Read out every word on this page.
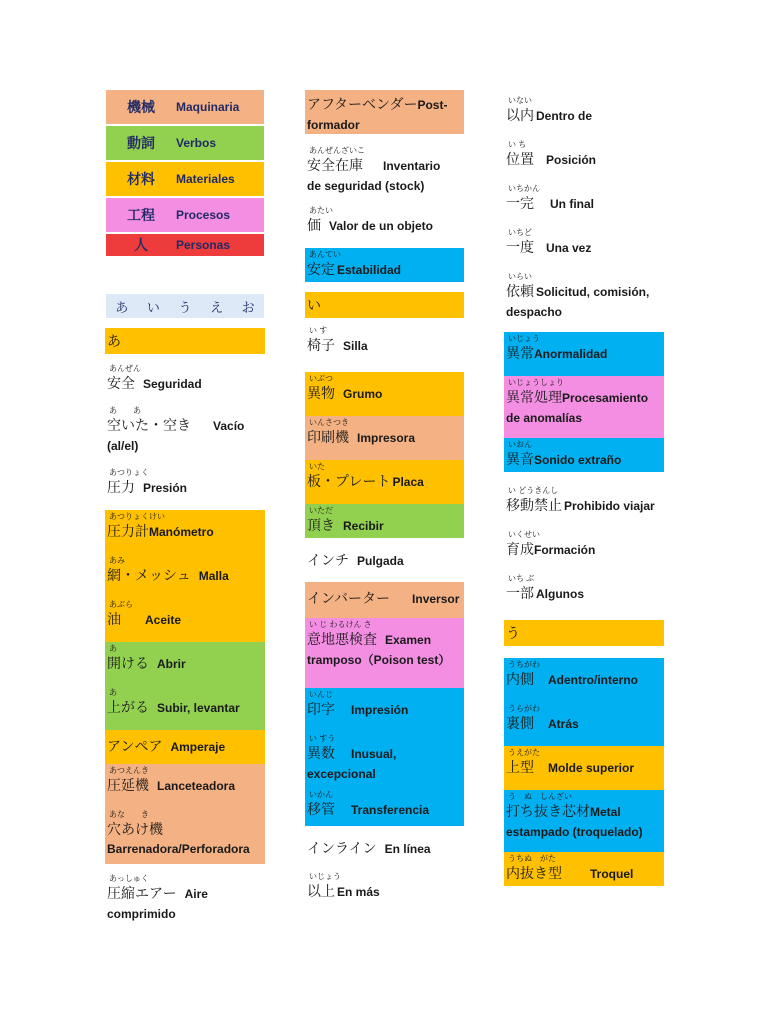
機械	Maquinaria
動詞	Verbos
材料	Materiales
工程	Procesos
人	Personas
あ い う え お
あ
あんぜん
安全 Seguridad
あ　　あ
空いた・空き Vacío
(al/el)
あつりょく
圧力 Presión
あつりょくけい
圧力計 Manómetro
あみ
網・メッシュ Malla
あぶら
油 Aceite
あ
開ける Abrir
あ
上がる Subir, levantar
アンペア Amperaje
あつえんき
圧延機 Lanceteadora
あな　　き
穴あけ機
Barrenadora/Perforadora
あっしゅく
圧縮エアー Aire
comprimido
アフターベンダー Post-
formador
あんぜんざいこ
安全在庫 Inventario
de seguridad (stock)
あたい
価 Valor de un objeto
あんてい
安定 Estabilidad
い
い す
椅子 Silla
いぶつ
異物 Grumo
いんさつき
印刷機 Impresora
いた
板・プレート Placa
いただ
頂き Recibir
インチ Pulgada
インバーター Inversor
い じ わるけん さ
意地悪検査 Examen
tramposo（Poison test）
いんじ
印字 Impresión
い すう
異数 Inusual,
excepcional
いかん
移管 Transferencia
インライン En línea
いじょう
以上 En más
いない
以内 Dentro de
い ち
位置 Posición
いちかん
一完 Un final
いちど
一度 Una vez
いらい
依頼 Solicitud, comisión,
despacho
いじょう
異常 Anormalidad
いじょうしょり
異常処理 Procesamiento
de anomalías
いおん
異音 Sonido extraño
い どうきんし
移動禁止 Prohibido viajar
いくせい
育成 Formación
いち ぶ
一部 Algunos
う
うちがわ
内側 Adentro/interno
うらがわ
裏側 Atrás
うえがた
上型 Molde superior
う　ぬ　しんざい
打ち抜き芯材 Metal
estampado (troquelado)
うちぬ　がた
内抜き型 Troquel
